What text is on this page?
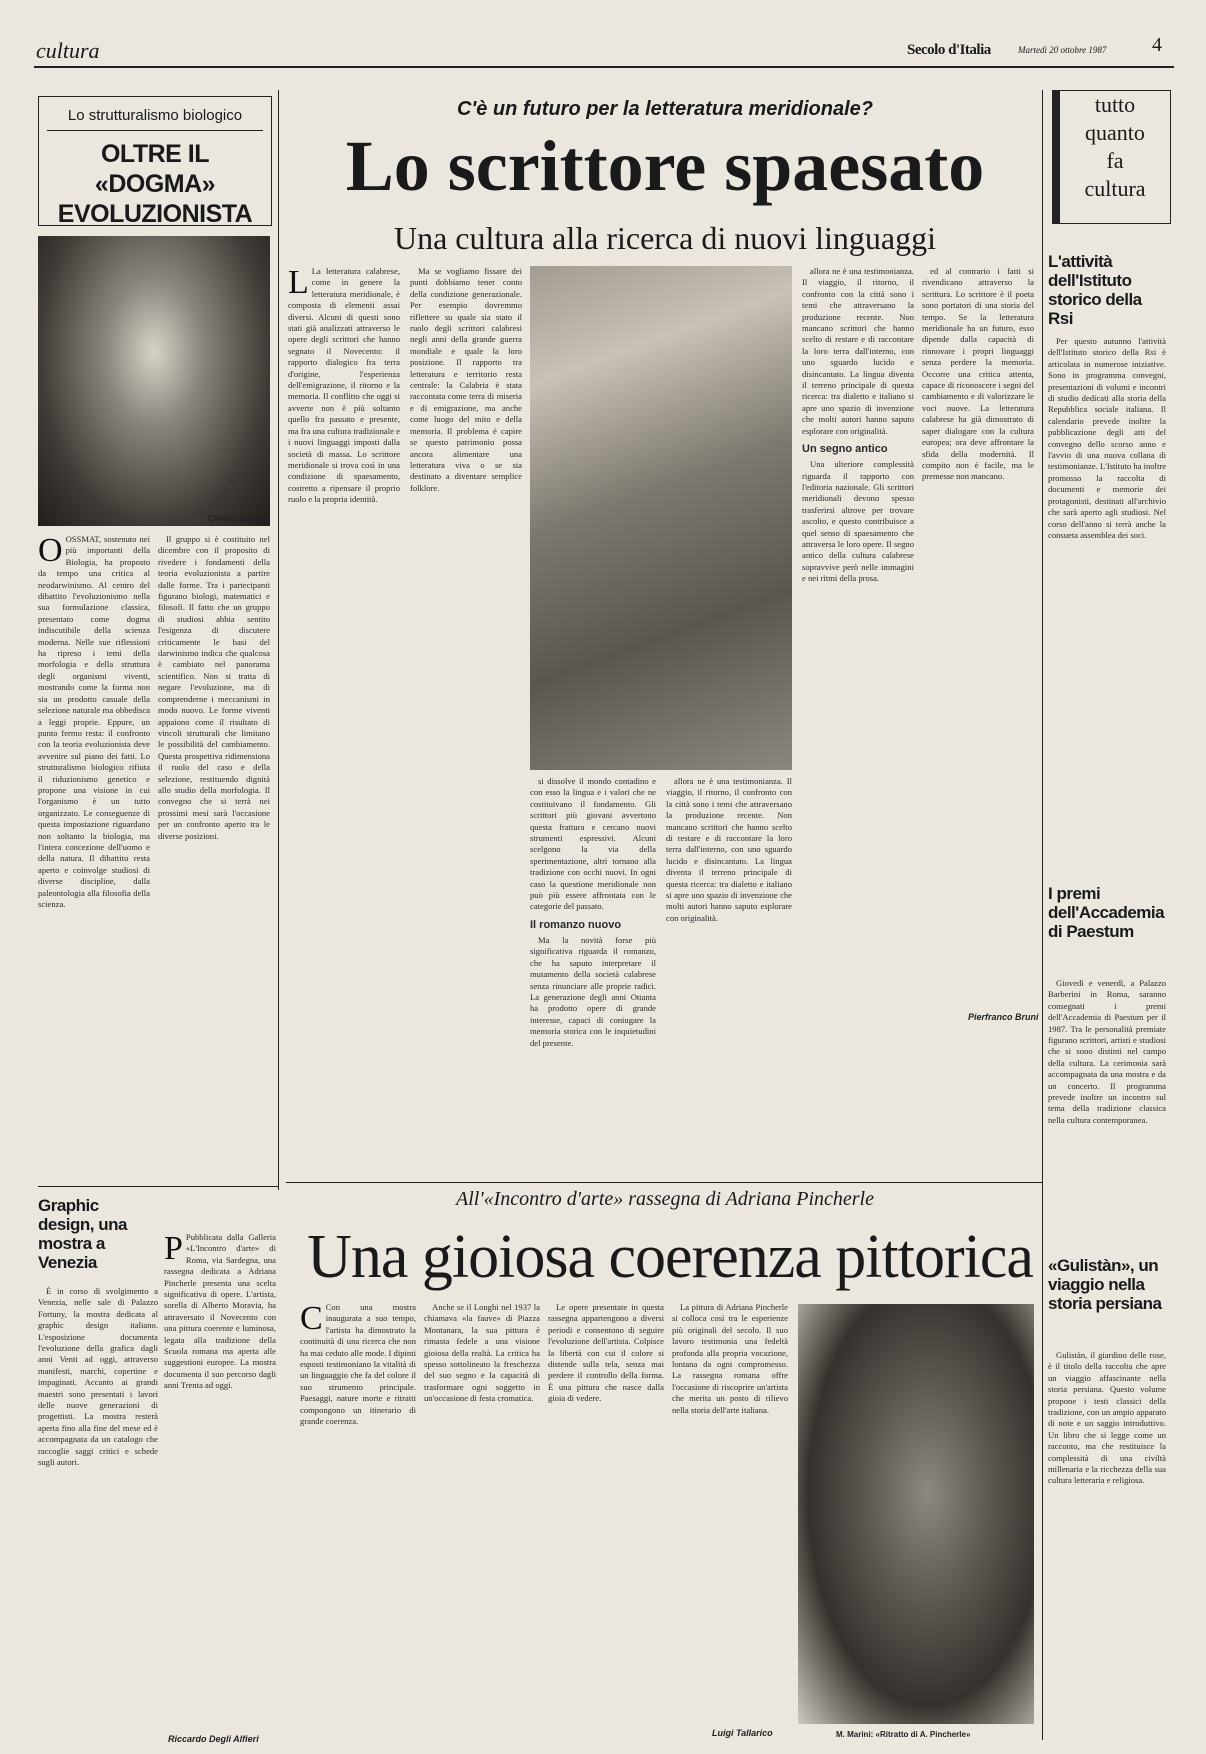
cultura	Secolo d'Italia	Martedì 20 ottobre 1987 4
Lo strutturalismo biologico
OLTRE IL «DOGMA»
EVOLUZIONISTA
Charles Darwin

OOSSMAT, sostenuto nei più importanti della Biologia, ha proposto da tempo una critica al neodarwinismo. Al centro del dibattito l'evoluzionismo nella sua formulazione classica, presentato come dogma indiscutibile della scienza moderna. Nelle sue riflessioni ha ripreso i temi della morfologia e della struttura degli organismi viventi, mostrando come la forma non sia un prodotto casuale della selezione naturale ma obbedisca a leggi proprie. Eppure, un punto fermo resta: il confronto con la teoria evoluzionista deve avvenire sul piano dei fatti. Lo strutturalismo biologico rifiuta il riduzionismo genetico e propone una visione in cui l'organismo è un tutto organizzato. Le conseguenze di questa impostazione riguardano non soltanto la biologia, ma l'intera concezione dell'uomo e della natura. Il dibattito resta aperto e coinvolge studiosi di diverse discipline, dalla paleontologia alla filosofia della scienza.

Il gruppo si è costituito nel dicembre con il proposito di rivedere i fondamenti della teoria evoluzionista a partire dalle forme. Tra i partecipanti figurano biologi, matematici e filosofi. Il fatto che un gruppo di studiosi abbia sentito l'esigenza di discutere criticamente le basi del darwinismo indica che qualcosa è cambiato nel panorama scientifico. Non si tratta di negare l'evoluzione, ma di comprenderne i meccanismi in modo nuovo. Le forme viventi appaiono come il risultato di vincoli strutturali che limitano le possibilità del cambiamento. Questa prospettiva ridimensiona il ruolo del caso e della selezione, restituendo dignità allo studio della morfologia. Il convegno che si terrà nei prossimi mesi sarà l'occasione per un confronto aperto tra le diverse posizioni.

C'è un futuro per la letteratura meridionale?
Lo scrittore spaesato
Una cultura alla ricerca di nuovi linguaggi

L La letteratura calabrese, come in genere la letteratura meridionale, è composta di elementi assai diversi. Alcuni di questi sono stati già analizzati attraverso le opere degli scrittori che hanno segnato il Novecento: il rapporto dialogico fra terra d'origine, l'esperienza dell'emigrazione, il ritorno e la memoria. Il conflitto che oggi si avverte non è più soltanto quello fra passato e presente, ma fra una cultura tradizionale e i nuovi linguaggi imposti dalla società di massa. Lo scrittore meridionale si trova così in una condizione di spaesamento, costretto a ripensare il proprio ruolo e la propria identità.

Ma se vogliamo fissare dei punti dobbiamo tener conto della condizione generazionale. Per esempio dovremmo riflettere su quale sia stato il ruolo degli scrittori calabresi negli anni della grande guerra mondiale e quale la loro posizione. Il rapporto tra letteratura e territorio resta centrale: la Calabria è stata raccontata come terra di miseria e di emigrazione, ma anche come luogo del mito e della memoria. Il problema è capire se questo patrimonio possa ancora alimentare una letteratura viva o se sia destinato a diventare semplice folklore.

si dissolve il mondo contadino e con esso la lingua e i valori che ne costituivano il fondamento. Gli scrittori più giovani avvertono questa frattura e cercano nuovi strumenti espressivi. Alcuni scelgono la via della sperimentazione, altri tornano alla tradizione con occhi nuovi. In ogni caso la questione meridionale non può più essere affrontata con le categorie del passato.

Il romanzo nuovo

Ma la novità forse più significativa riguarda il romanzo, che ha saputo interpretare il mutamento della società calabrese senza rinunciare alle proprie radici. La generazione degli anni Ottanta ha prodotto opere di grande interesse, capaci di coniugare la memoria storica con le inquietudini del presente.

allora ne è una testimonianza. Il viaggio, il ritorno, il confronto con la città sono i temi che attraversano la produzione recente. Non mancano scrittori che hanno scelto di restare e di raccontare la loro terra dall'interno, con uno sguardo lucido e disincantato. La lingua diventa il terreno principale di questa ricerca: tra dialetto e italiano si apre uno spazio di invenzione che molti autori hanno saputo esplorare con originalità.

allora ne è una testimonianza. Il viaggio, il ritorno, il confronto con la città sono i temi che attraversano la produzione recente. Non mancano scrittori che hanno scelto di restare e di raccontare la loro terra dall'interno, con uno sguardo lucido e disincantato. La lingua diventa il terreno principale di questa ricerca: tra dialetto e italiano si apre uno spazio di invenzione che molti autori hanno saputo esplorare con originalità.

Un segno antico

Una ulteriore complessità riguarda il rapporto con l'editoria nazionale. Gli scrittori meridionali devono spesso trasferirsi altrove per trovare ascolto, e questo contribuisce a quel senso di spaesamento che attraversa le loro opere. Il segno antico della cultura calabrese sopravvive però nelle immagini e nei ritmi della prosa.

ed al contrario i fatti si rivendicano attraverso la scrittura. Lo scrittore è il poeta sono portatori di una storia del tempo. Se la letteratura meridionale ha un futuro, esso dipende dalla capacità di rinnovare i propri linguaggi senza perdere la memoria. Occorre una critica attenta, capace di riconoscere i segni del cambiamento e di valorizzare le voci nuove. La letteratura calabrese ha già dimostrato di saper dialogare con la cultura europea; ora deve affrontare la sfida della modernità. Il compito non è facile, ma le premesse non mancano.

Pierfranco Bruni
tutto
quanto
fa
cultura
L'attività dell'Istituto storico della Rsi

Per questo autunno l'attività dell'Istituto storico della Rsi è articolata in numerose iniziative. Sono in programma convegni, presentazioni di volumi e incontri di studio dedicati alla storia della Repubblica sociale italiana. Il calendario prevede inoltre la pubblicazione degli atti del convegno dello scorso anno e l'avvio di una nuova collana di testimonianze. L'Istituto ha inoltre promosso la raccolta di documenti e memorie dei protagonisti, destinati all'archivio che sarà aperto agli studiosi. Nel corso dell'anno si terrà anche la consueta assemblea dei soci.

I premi dell'Accademia di Paestum

Giovedì e venerdì, a Palazzo Barberini in Roma, saranno consegnati i premi dell'Accademia di Paestum per il 1987. Tra le personalità premiate figurano scrittori, artisti e studiosi che si sono distinti nel campo della cultura. La cerimonia sarà accompagnata da una mostra e da un concerto. Il programma prevede inoltre un incontro sul tema della tradizione classica nella cultura contemporanea.

«Gulistàn», un viaggio nella storia persiana

Gulistàn, il giardino delle rose, è il titolo della raccolta che apre un viaggio affascinante nella storia persiana. Questo volume propone i testi classici della tradizione, con un ampio apparato di note e un saggio introduttivo. Un libro che si legge come un racconto, ma che restituisce la complessità di una civiltà millenaria e la ricchezza della sua cultura letteraria e religiosa.

Graphic design, una mostra a Venezia

È in corso di svolgimento a Venezia, nelle sale di Palazzo Fortuny, la mostra dedicata al graphic design italiano. L'esposizione documenta l'evoluzione della grafica dagli anni Venti ad oggi, attraverso manifesti, marchi, copertine e impaginati. Accanto ai grandi maestri sono presentati i lavori delle nuove generazioni di progettisti. La mostra resterà aperta fino alla fine del mese ed è accompagnata da un catalogo che raccoglie saggi critici e schede sugli autori.

All'«Incontro d'arte» rassegna di Adriana Pincherle
Una gioiosa coerenza pittorica

P Pubblicata dalla Galleria «L'Incontro d'arte» di Roma, via Sardegna, una rassegna dedicata a Adriana Pincherle presenta una scelta significativa di opere. L'artista, sorella di Alberto Moravia, ha attraversato il Novecento con una pittura coerente e luminosa, legata alla tradizione della Scuola romana ma aperta alle suggestioni europee. La mostra documenta il suo percorso dagli anni Trenta ad oggi.

C Con una mostra inaugurata a suo tempo, l'artista ha dimostrato la continuità di una ricerca che non ha mai ceduto alle mode. I dipinti esposti testimoniano la vitalità di un linguaggio che fa del colore il suo strumento principale. Paesaggi, nature morte e ritratti compongono un itinerario di grande coerenza.

Anche se il Longhi nel 1937 la chiamava «la fauve» di Piazza Montanara, la sua pittura è rimasta fedele a una visione gioiosa della realtà. La critica ha spesso sottolineato la freschezza del suo segno e la capacità di trasformare ogni soggetto in un'occasione di festa cromatica.

Le opere presentate in questa rassegna appartengono a diversi periodi e consentono di seguire l'evoluzione dell'artista. Colpisce la libertà con cui il colore si distende sulla tela, senza mai perdere il controllo della forma. È una pittura che nasce dalla gioia di vedere.

La pittura di Adriana Pincherle si colloca così tra le esperienze più originali del secolo. Il suo lavoro testimonia una fedeltà profonda alla propria vocazione, lontana da ogni compromesso. La rassegna romana offre l'occasione di riscoprire un'artista che merita un posto di rilievo nella storia dell'arte italiana.

Luigi Tallarico
Riccardo Degli Alfieri	M. Marini: «Ritratto di A. Pincherle»
